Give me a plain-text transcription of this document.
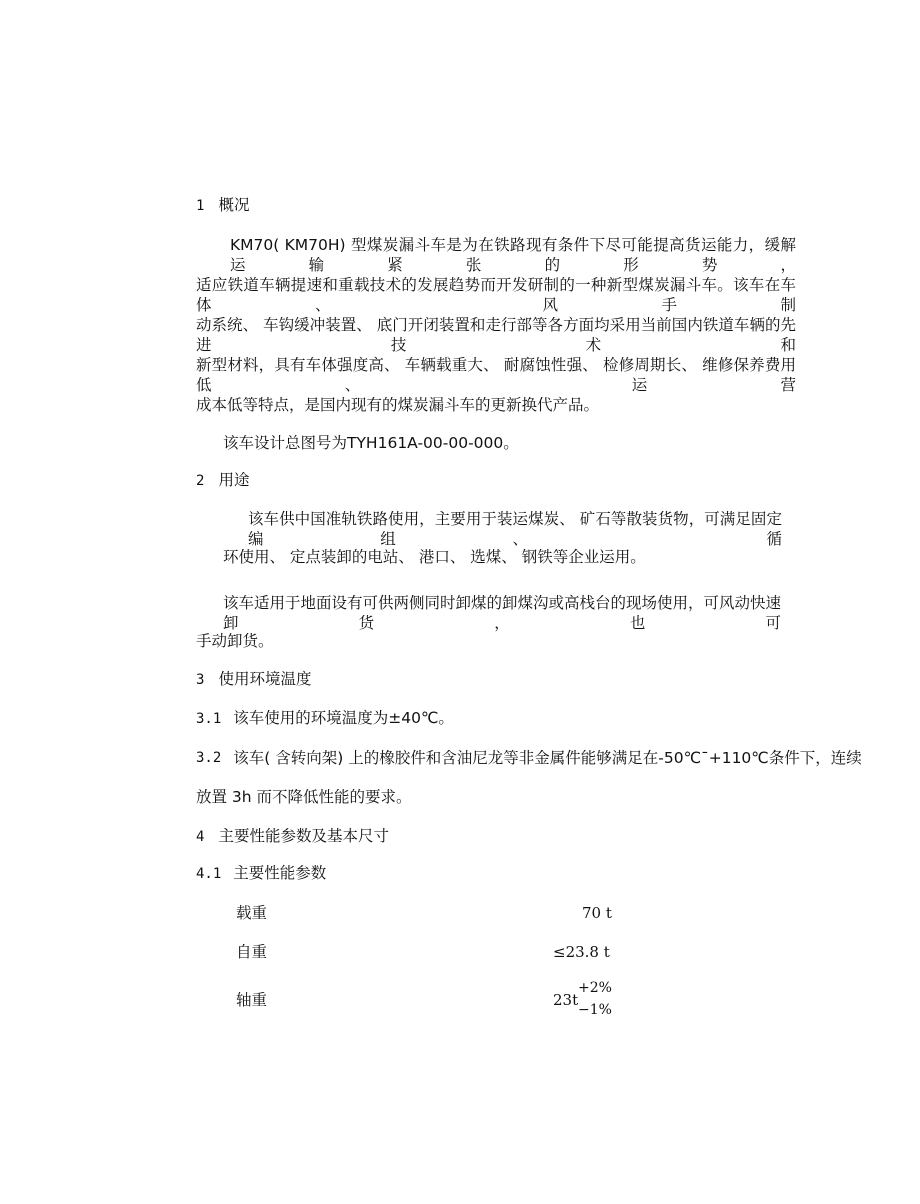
1 概况
KM70( KM70H) 型煤炭漏斗车是为在铁路现有条件下尽可能提高货运能力，缓解运输紧张的形势，
适应铁道车辆提速和重载技术的发展趋势而开发研制的一种新型煤炭漏斗车。该车在车体、 风手制
动系统、 车钩缓冲装置、 底门开闭装置和走行部等各方面均采用当前国内铁道车辆的先进技术和
新型材料，具有车体强度高、 车辆载重大、 耐腐蚀性强、 检修周期长、 维修保养费用低、 运营
成本低等特点，是国内现有的煤炭漏斗车的更新换代产品。
该车设计总图号为TYH161A-00-00-000。
2 用途
该车供中国准轨铁路使用，主要用于装运煤炭、 矿石等散装货物，可满足固定编组、 循
环使用、 定点装卸的电站、 港口、 选煤、 钢铁等企业运用。
该车适用于地面设有可供两侧同时卸煤的卸煤沟或高栈台的现场使用，可风动快速卸货，也可
手动卸货。
3 使用环境温度
3.1 该车使用的环境温度为±40℃。
3.2 该车( 含转向架) 上的橡胶件和含油尼龙等非金属件能够满足在-50℃¯+110℃条件下，连续
放置 3h 而不降低性能的要求。
4 主要性能参数及基本尺寸
4.1 主要性能参数
载重	70 t
自重	≤23.8 t
轴重	23t
+2%
−1%
